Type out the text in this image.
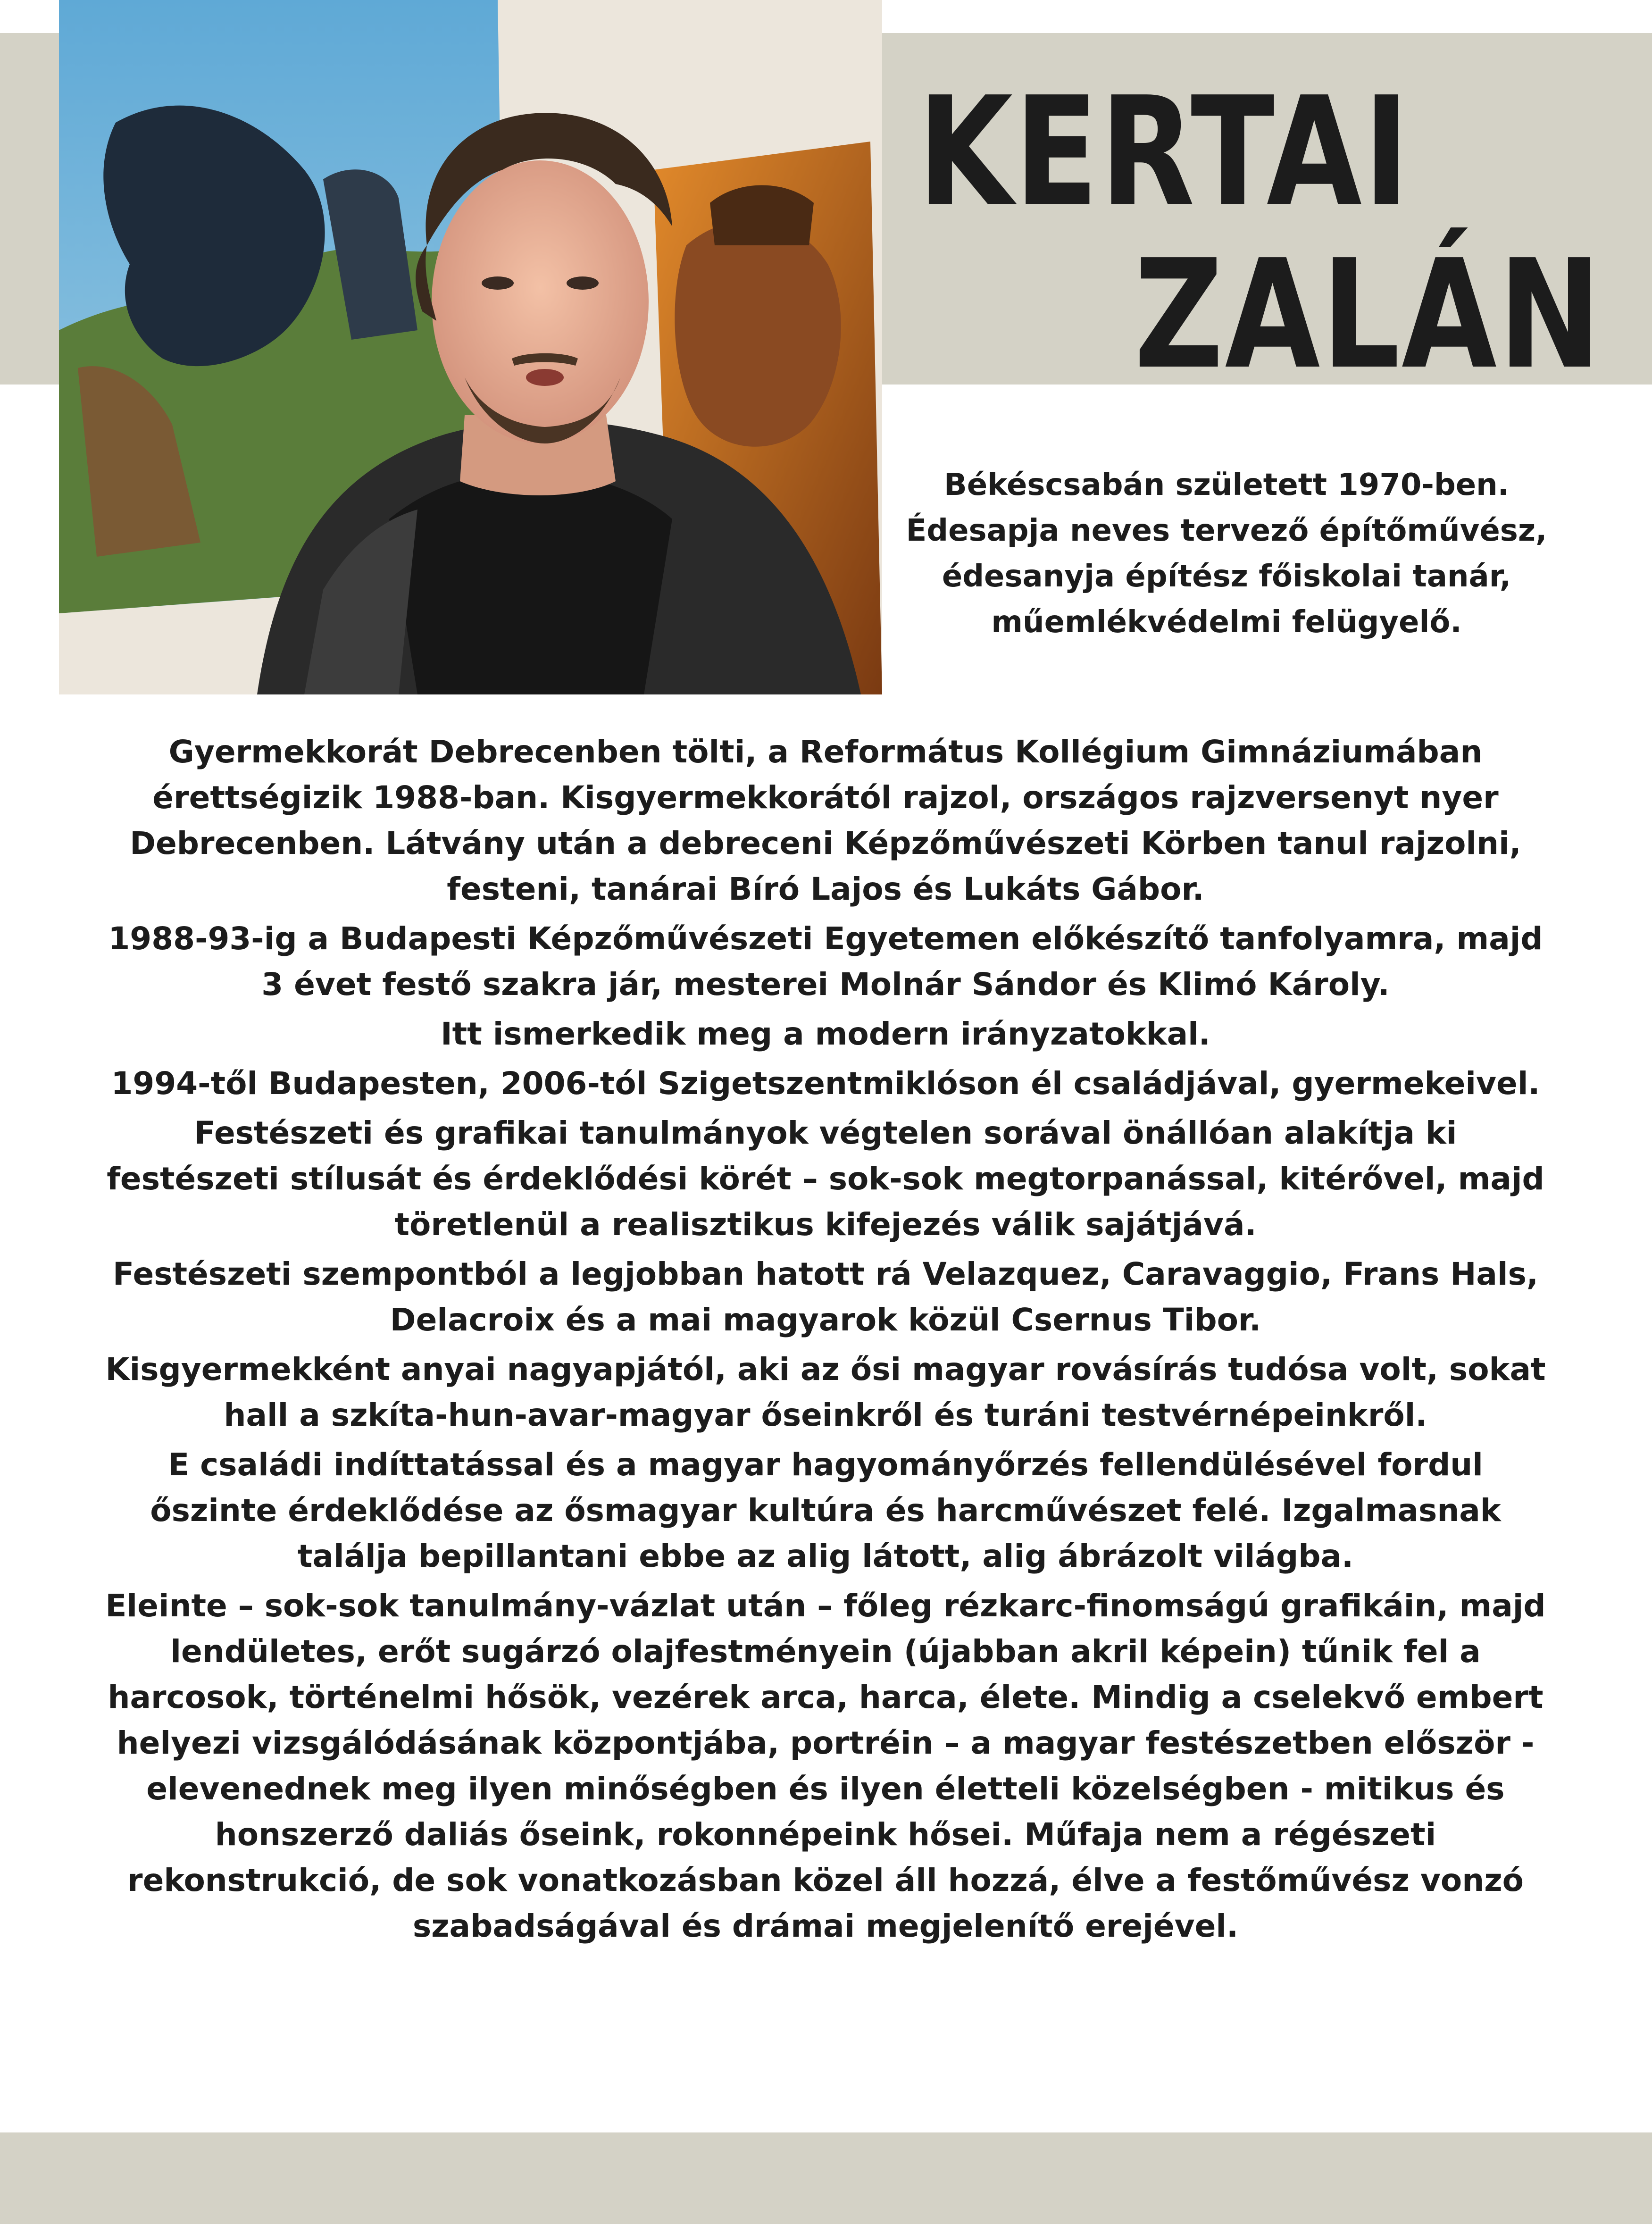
KERTAI
ZALÁN

Békéscsabán született 1970-ben. Édesapja neves tervező építőművész, édesanyja építész főiskolai tanár, műemlékvédelmi felügyelő.

Gyermekkorát Debrecenben tölti, a Református Kollégium Gimnáziumában érettségizik 1988-ban. Kisgyermekkorától rajzol, országos rajzversenyt nyer Debrecenben. Látvány után a debreceni Képzőművészeti Körben tanul rajzolni, festeni, tanárai Bíró Lajos és Lukáts Gábor.

1988-93-ig a Budapesti Képzőművészeti Egyetemen előkészítő tanfolyamra, majd 3 évet festő szakra jár, mesterei Molnár Sándor és Klimó Károly.

Itt ismerkedik meg a modern irányzatokkal.

1994-től Budapesten, 2006-tól Szigetszentmiklóson él családjával, gyermekeivel.

Festészeti és grafikai tanulmányok végtelen sorával önállóan alakítja ki festészeti stílusát és érdeklődési körét – sok-sok megtorpanással, kitérővel, majd töretlenül a realisztikus kifejezés válik sajátjává.

Festészeti szempontból a legjobban hatott rá Velazquez, Caravaggio, Frans Hals, Delacroix és a mai magyarok közül Csernus Tibor.

Kisgyermekként anyai nagyapjától, aki az ősi magyar rovásírás tudósa volt, sokat hall a szkíta-hun-avar-magyar őseinkről és turáni testvérnépeinkről.

E családi indíttatással és a magyar hagyományőrzés fellendülésével fordul őszinte érdeklődése az ősmagyar kultúra és harcművészet felé. Izgalmasnak találja bepillantani ebbe az alig látott, alig ábrázolt világba.

Eleinte – sok-sok tanulmány-vázlat után – főleg rézkarc-finomságú grafikáin, majd lendületes, erőt sugárzó olajfestményein (újabban akril képein) tűnik fel a harcosok, történelmi hősök, vezérek arca, harca, élete. Mindig a cselekvő embert helyezi vizsgálódásának központjába, portréin – a magyar festészetben először - elevenednek meg ilyen minőségben és ilyen életteli közelségben - mitikus és honszerző daliás őseink, rokonnépeink hősei. Műfaja nem a régészeti rekonstrukció, de sok vonatkozásban közel áll hozzá, élve a festőművész vonzó szabadságával és drámai megjelenítő erejével.
